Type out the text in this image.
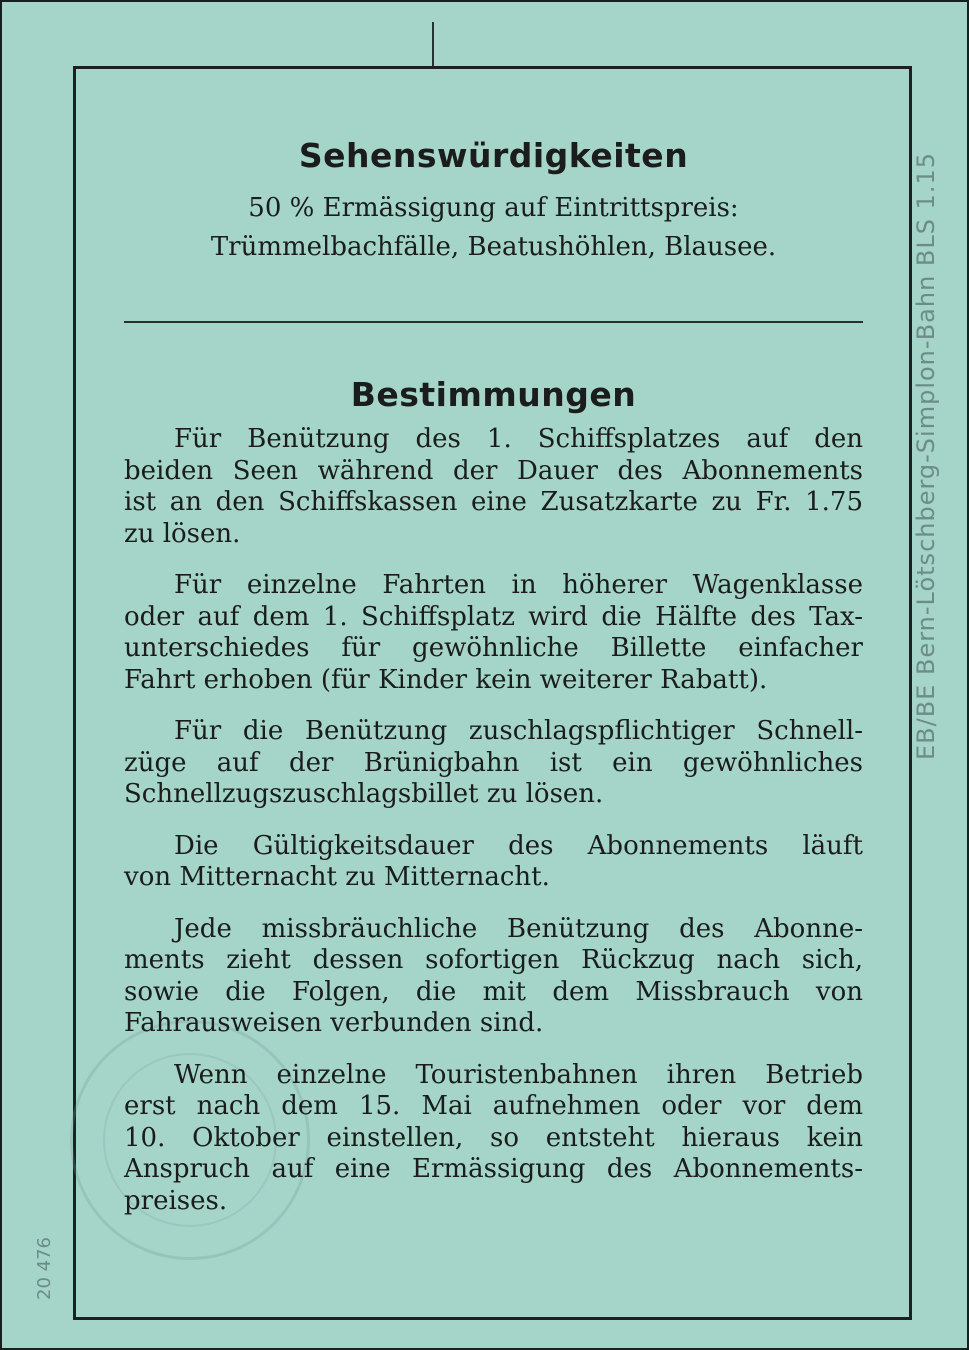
Sehenswürdigkeiten

50 % Ermässigung auf Eintrittspreis:

Trümmelbachfälle, Beatushöhlen, Blausee.

Bestimmungen
Für Benützung des 1. Schiffsplatzes auf den
beiden Seen während der Dauer des Abonnements
ist an den Schiffskassen eine Zusatzkarte zu Fr. 1.75
zu lösen.
Für einzelne Fahrten in höherer Wagenklasse
oder auf dem 1. Schiffsplatz wird die Hälfte des Tax-
unterschiedes für gewöhnliche Billette einfacher
Fahrt erhoben (für Kinder kein weiterer Rabatt).
Für die Benützung zuschlagspflichtiger Schnell-
züge auf der Brünigbahn ist ein gewöhnliches
Schnellzugszuschlagsbillet zu lösen.
Die Gültigkeitsdauer des Abonnements läuft
von Mitternacht zu Mitternacht.
Jede missbräuchliche Benützung des Abonne-
ments zieht dessen sofortigen Rückzug nach sich,
sowie die Folgen, die mit dem Missbrauch von
Fahrausweisen verbunden sind.
Wenn einzelne Touristenbahnen ihren Betrieb
erst nach dem 15. Mai aufnehmen oder vor dem
10. Oktober einstellen, so entsteht hieraus kein
Anspruch auf eine Ermässigung des Abonnements-
preises.
EB/BE Bern-Lötschberg-Simplon-Bahn BLS 1.15
20 476
